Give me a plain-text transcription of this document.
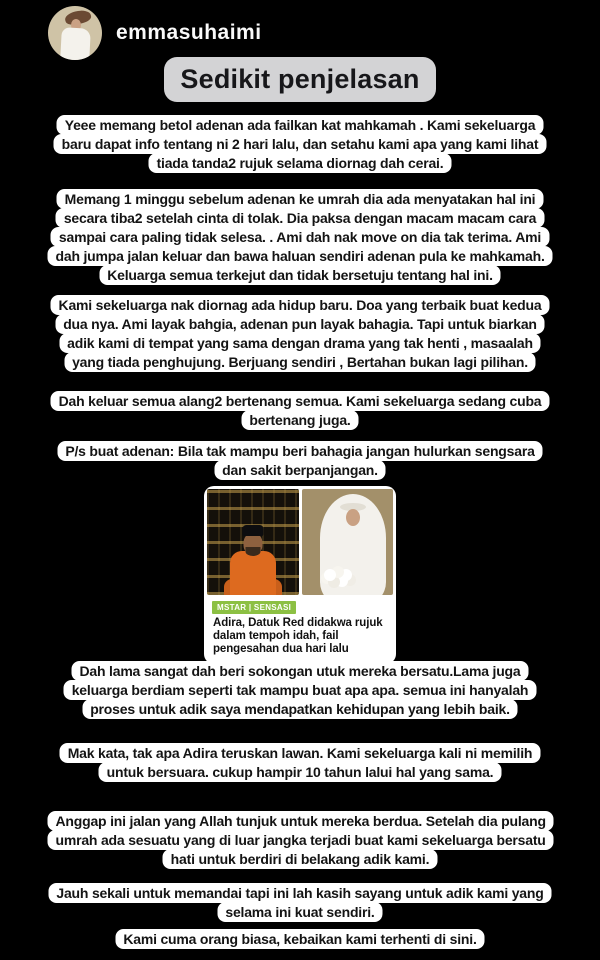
emmasuhaimi
Sedikit penjelasan
Yeee memang betol adenan ada failkan kat mahkamah . Kami sekeluarga baru dapat info tentang ni 2 hari lalu, dan setahu kami apa yang kami lihat tiada tanda2 rujuk selama diornag dah cerai.
Memang 1 minggu sebelum adenan ke umrah dia ada menyatakan hal ini secara tiba2 setelah cinta di tolak. Dia paksa dengan macam macam cara sampai cara paling tidak selesa. . Ami dah nak move on dia tak terima. Ami dah jumpa jalan keluar dan bawa haluan sendiri adenan pula ke mahkamah. Keluarga semua terkejut dan tidak bersetuju tentang hal ini.
Kami sekeluarga nak diornag ada hidup baru. Doa yang terbaik buat kedua dua nya. Ami layak bahgia, adenan pun layak bahagia. Tapi untuk biarkan adik kami di tempat yang sama dengan drama yang tak henti , masaalah yang tiada penghujung. Berjuang sendiri , Bertahan bukan lagi pilihan.
Dah keluar semua alang2 bertenang semua. Kami sekeluarga sedang cuba bertenang juga.
P/s buat adenan: Bila tak mampu beri bahagia jangan hulurkan sengsara dan sakit berpanjangan.
MSTAR | SENSASI
Adira, Datuk Red didakwa rujuk dalam tempoh idah, fail pengesahan dua hari lalu
Dah lama sangat dah beri sokongan utuk mereka bersatu.Lama juga keluarga berdiam seperti tak mampu buat apa apa. semua ini hanyalah proses untuk adik saya mendapatkan kehidupan yang lebih baik.
Mak kata, tak apa Adira teruskan lawan. Kami sekeluarga kali ni memilih untuk bersuara. cukup hampir 10 tahun lalui hal yang sama.
Anggap ini jalan yang Allah tunjuk untuk mereka berdua. Setelah dia pulang umrah ada sesuatu yang di luar jangka terjadi buat kami sekeluarga bersatu hati untuk berdiri di belakang adik kami.
Jauh sekali untuk memandai tapi ini lah kasih sayang untuk adik kami yang selama ini kuat sendiri.
Kami cuma orang biasa, kebaikan kami terhenti di sini.
